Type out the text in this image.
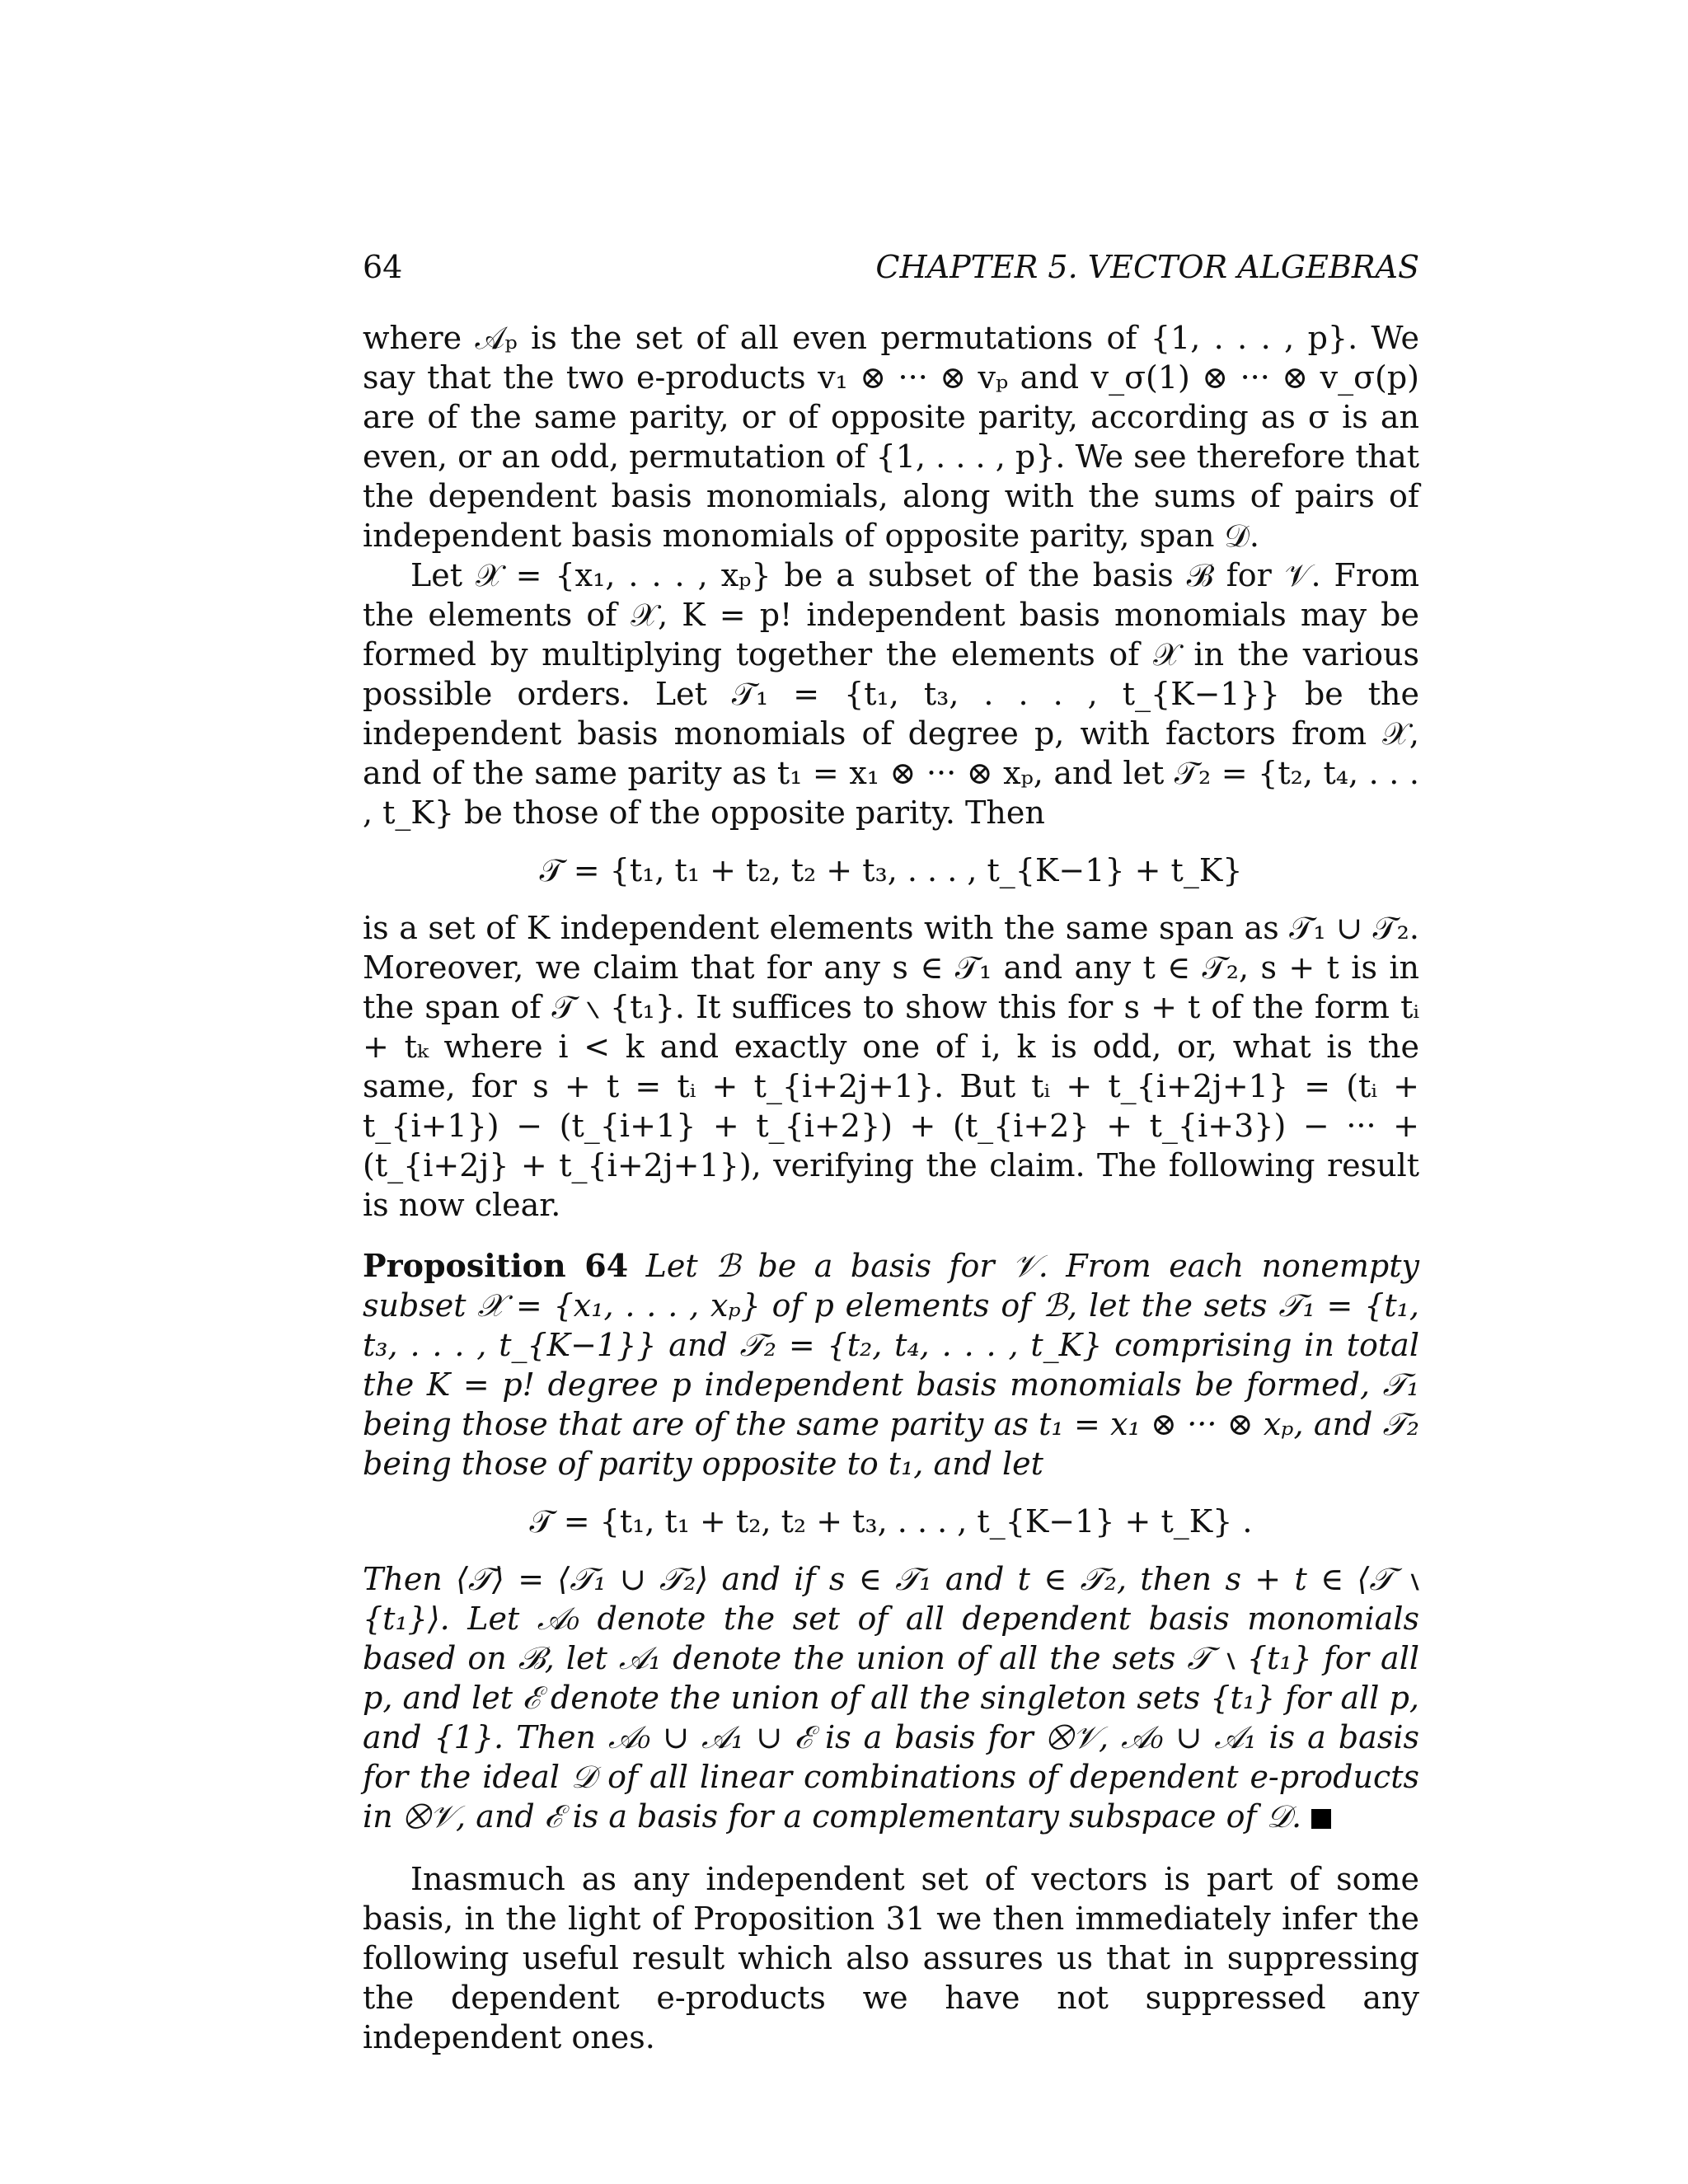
64	CHAPTER 5. VECTOR ALGEBRAS

where 𝒜ₚ is the set of all even permutations of {1, . . . , p}. We say that the two e-products v₁ ⊗ ··· ⊗ vₚ and v_σ(1) ⊗ ··· ⊗ v_σ(p) are of the same parity, or of opposite parity, according as σ is an even, or an odd, permutation of {1, . . . , p}. We see therefore that the dependent basis monomials, along with the sums of pairs of independent basis monomials of opposite parity, span 𝒟.

Let 𝒳 = {x₁, . . . , xₚ} be a subset of the basis ℬ for 𝒱. From the elements of 𝒳, K = p! independent basis monomials may be formed by multiplying together the elements of 𝒳 in the various possible orders. Let 𝒯₁ = {t₁, t₃, . . . , t_{K−1}} be the independent basis monomials of degree p, with factors from 𝒳, and of the same parity as t₁ = x₁ ⊗ ··· ⊗ xₚ, and let 𝒯₂ = {t₂, t₄, . . . , t_K} be those of the opposite parity. Then

𝒯 = {t₁, t₁ + t₂, t₂ + t₃, . . . , t_{K−1} + t_K}

is a set of K independent elements with the same span as 𝒯₁ ∪ 𝒯₂. Moreover, we claim that for any s ∈ 𝒯₁ and any t ∈ 𝒯₂, s + t is in the span of 𝒯 ∖ {t₁}. It suffices to show this for s + t of the form tᵢ + tₖ where i < k and exactly one of i, k is odd, or, what is the same, for s + t = tᵢ + t_{i+2j+1}. But tᵢ + t_{i+2j+1} = (tᵢ + t_{i+1}) − (t_{i+1} + t_{i+2}) + (t_{i+2} + t_{i+3}) − ··· + (t_{i+2j} + t_{i+2j+1}), verifying the claim. The following result is now clear.

Proposition 64 Let ℬ be a basis for 𝒱. From each nonempty subset 𝒳 = {x₁, . . . , xₚ} of p elements of ℬ, let the sets 𝒯₁ = {t₁, t₃, . . . , t_{K−1}} and 𝒯₂ = {t₂, t₄, . . . , t_K} comprising in total the K = p! degree p independent basis monomials be formed, 𝒯₁ being those that are of the same parity as t₁ = x₁ ⊗ ··· ⊗ xₚ, and 𝒯₂ being those of parity opposite to t₁, and let

𝒯 = {t₁, t₁ + t₂, t₂ + t₃, . . . , t_{K−1} + t_K} .

Then ⟨𝒯⟩ = ⟨𝒯₁ ∪ 𝒯₂⟩ and if s ∈ 𝒯₁ and t ∈ 𝒯₂, then s + t ∈ ⟨𝒯 ∖ {t₁}⟩. Let 𝒜₀ denote the set of all dependent basis monomials based on ℬ, let 𝒜₁ denote the union of all the sets 𝒯 ∖ {t₁} for all p, and let ℰ denote the union of all the singleton sets {t₁} for all p, and {1}. Then 𝒜₀ ∪ 𝒜₁ ∪ ℰ is a basis for ⨂𝒱, 𝒜₀ ∪ 𝒜₁ is a basis for the ideal 𝒟 of all linear combinations of dependent e-products in ⨂𝒱, and ℰ is a basis for a complementary subspace of 𝒟.

Inasmuch as any independent set of vectors is part of some basis, in the light of Proposition 31 we then immediately infer the following useful result which also assures us that in suppressing the dependent e-products we have not suppressed any independent ones.
